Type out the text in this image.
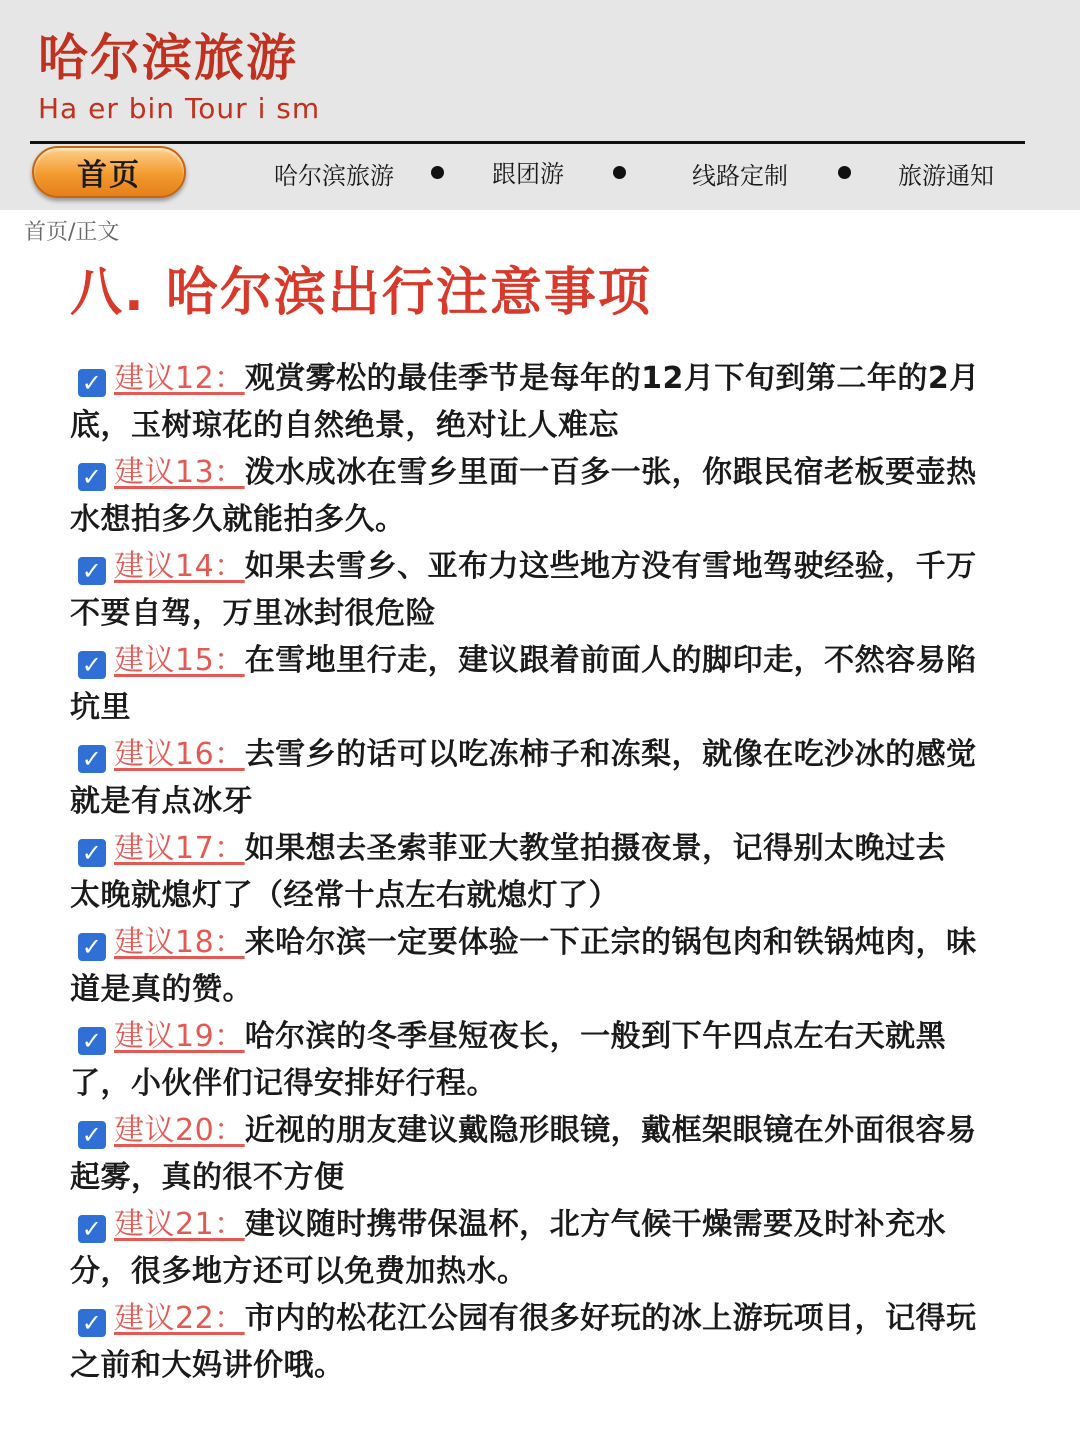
哈尔滨旅游
Ha er bin Tour i sm
首页	哈尔滨旅游	跟团游	线路定制	旅游通知
首页/正文
八. 哈尔滨出行注意事项

✓ 建议12：观赏雾松的最佳季节是每年的12月下旬到第二年的2月底，玉树琼花的自然绝景，绝对让人难忘

✓ 建议13：泼水成冰在雪乡里面一百多一张，你跟民宿老板要壶热水想拍多久就能拍多久。

✓ 建议14：如果去雪乡、亚布力这些地方没有雪地驾驶经验，千万不要自驾，万里冰封很危险

✓ 建议15：在雪地里行走，建议跟着前面人的脚印走，不然容易陷坑里

✓ 建议16：去雪乡的话可以吃冻柿子和冻梨，就像在吃沙冰的感觉就是有点冰牙

✓ 建议17：如果想去圣索菲亚大教堂拍摄夜景，记得别太晚过去 太晚就熄灯了（经常十点左右就熄灯了）

✓ 建议18：来哈尔滨一定要体验一下正宗的锅包肉和铁锅炖肉，味道是真的赞。

✓ 建议19：哈尔滨的冬季昼短夜长，一般到下午四点左右天就黑了，小伙伴们记得安排好行程。

✓ 建议20：近视的朋友建议戴隐形眼镜，戴框架眼镜在外面很容易起雾，真的很不方便

✓ 建议21：建议随时携带保温杯，北方气候干燥需要及时补充水分，很多地方还可以免费加热水。

✓ 建议22：市内的松花江公园有很多好玩的冰上游玩项目，记得玩之前和大妈讲价哦。
